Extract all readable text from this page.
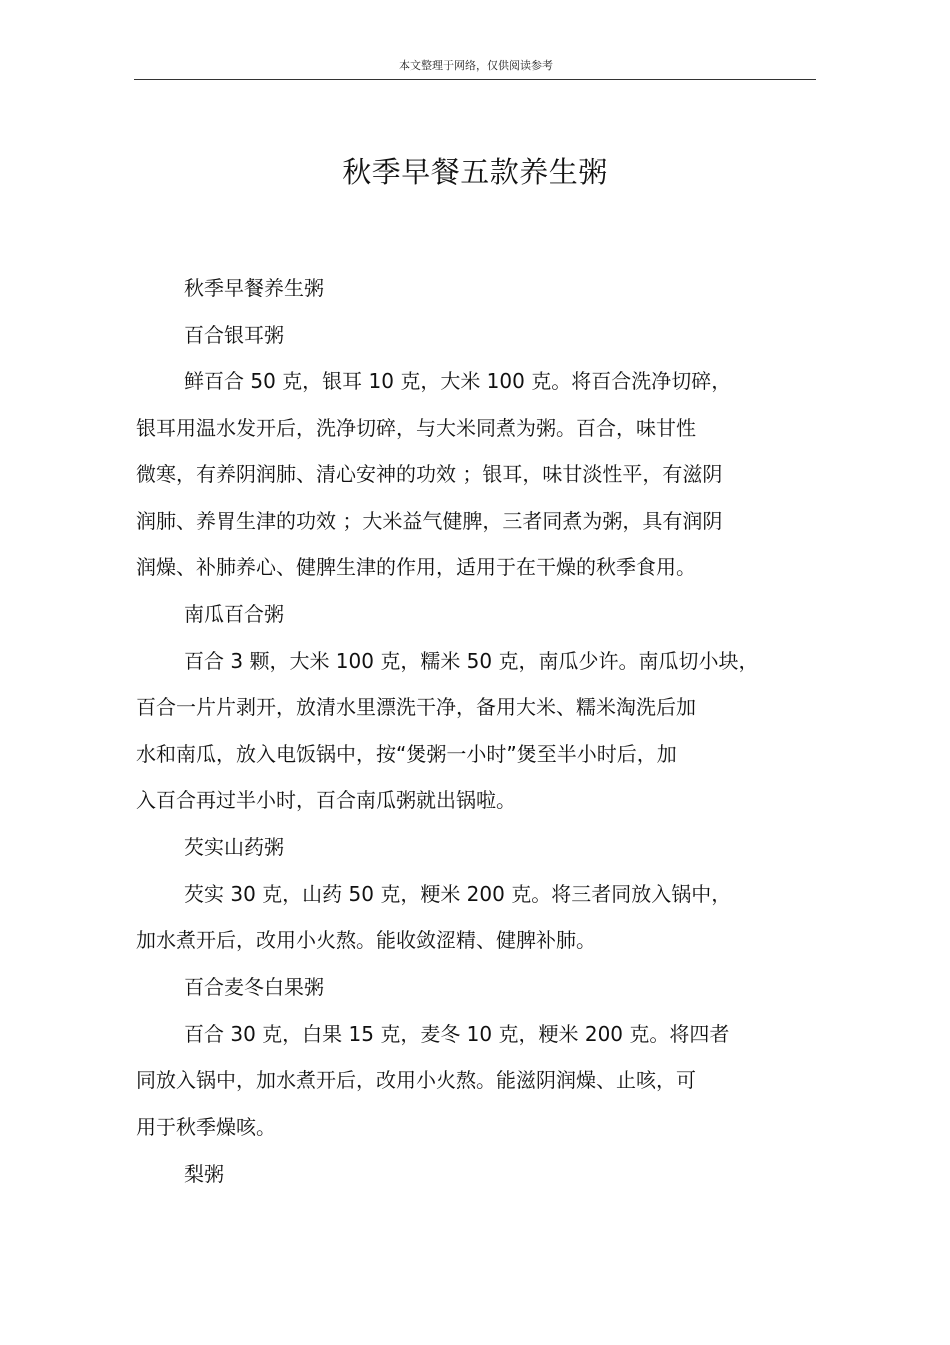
本文整理于网络，仅供阅读参考
秋季早餐五款养生粥
秋季早餐养生粥
百合银耳粥
鲜百合 50 克，银耳 10 克，大米 100 克。将百合洗净切碎，
银耳用温水发开后，洗净切碎，与大米同煮为粥。百合，味甘性
微寒，有养阴润肺、清心安神的功效 ；银耳，味甘淡性平，有滋阴
润肺、养胃生津的功效 ；大米益气健脾，三者同煮为粥，具有润阴
润燥、补肺养心、健脾生津的作用，适用于在干燥的秋季食用。
南瓜百合粥
百合 3 颗，大米 100 克，糯米 50 克，南瓜少许。南瓜切小块，
百合一片片剥开，放清水里漂洗干净，备用大米、糯米淘洗后加
水和南瓜，放入电饭锅中，按“煲粥一小时”煲至半小时后，加
入百合再过半小时，百合南瓜粥就出锅啦。
芡实山药粥
芡实 30 克，山药 50 克，粳米 200 克。将三者同放入锅中，
加水煮开后，改用小火熬。能收敛涩精、健脾补肺。
百合麦冬白果粥
百合 30 克，白果 15 克，麦冬 10 克，粳米 200 克。将四者
同放入锅中，加水煮开后，改用小火熬。能滋阴润燥、止咳，可
用于秋季燥咳。
梨粥
